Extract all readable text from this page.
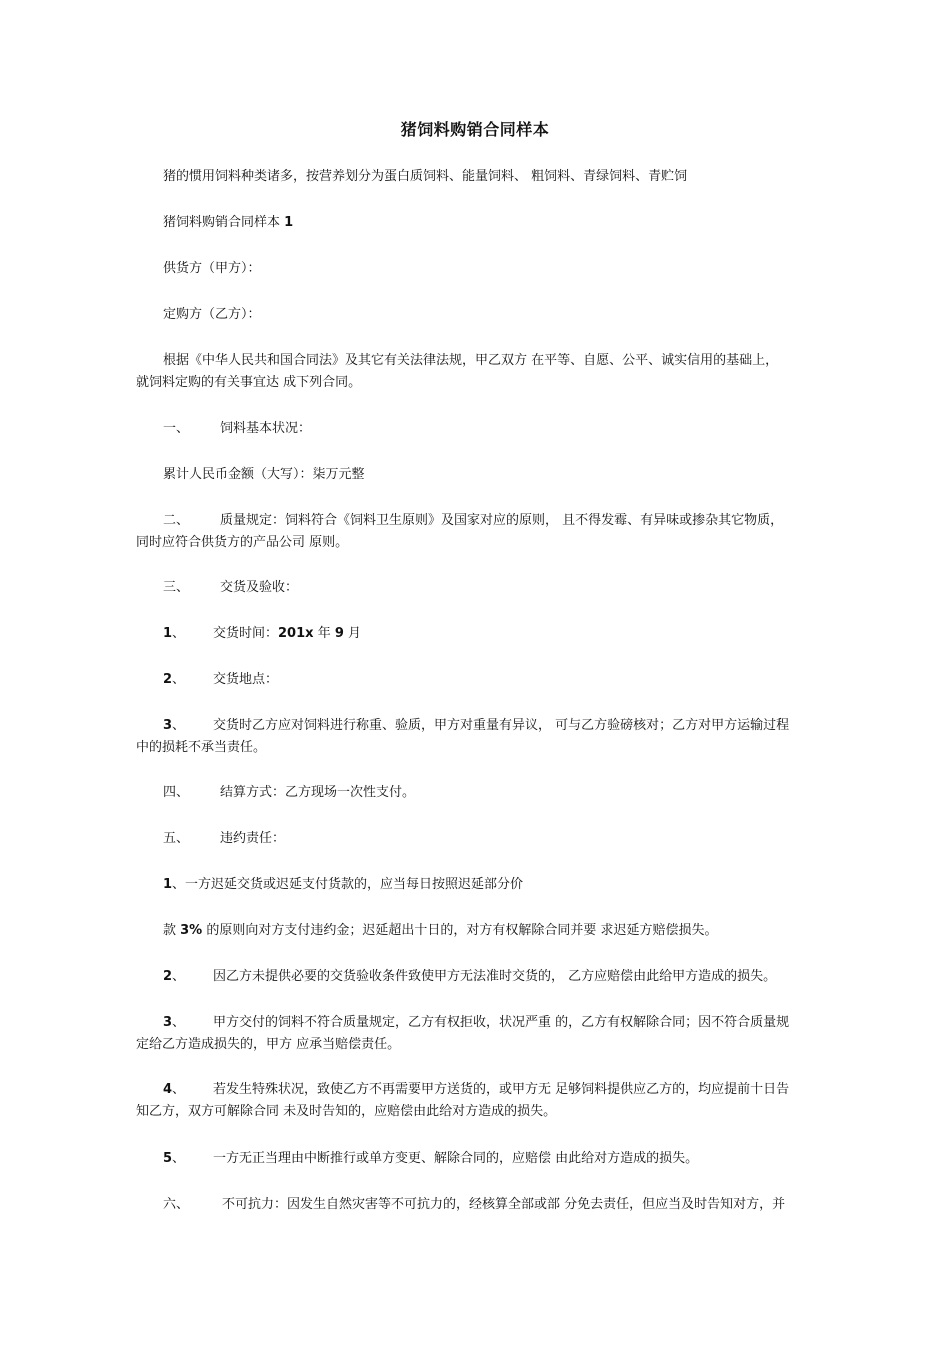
猪饲料购销合同样本
猪的惯用饲料种类诸多，按营养划分为蛋白质饲料、能量饲料、 粗饲料、青绿饲料、青贮饲
猪饲料购销合同样本 1
供货方（甲方）：
定购方（乙方）：
根据《中华人民共和国合同法》及其它有关法律法规，甲乙双方 在平等、自愿、公平、诚实信用的基础上，
就饲料定购的有关事宜达 成下列合同。
一、 饲料基本状况：
累计人民币金额（大写）：柒万元整
二、 质量规定：饲料符合《饲料卫生原则》及国家对应的原则， 且不得发霉、有异味或掺杂其它物质，
同时应符合供货方的产品公司 原则。
三、 交货及验收：
1、 交货时间：201x 年 9 月
2、 交货地点：
3、 交货时乙方应对饲料进行称重、验质，甲方对重量有异议， 可与乙方验磅核对；乙方对甲方运输过程
中的损耗不承当责任。
四、 结算方式：乙方现场一次性支付。
五、 违约责任：
1、一方迟延交货或迟延支付货款的，应当每日按照迟延部分价
款 3% 的原则向对方支付违约金；迟延超出十日的，对方有权解除合同并要 求迟延方赔偿损失。
2、 因乙方未提供必要的交货验收条件致使甲方无法准时交货的， 乙方应赔偿由此给甲方造成的损失。
3、 甲方交付的饲料不符合质量规定，乙方有权拒收，状况严重 的，乙方有权解除合同；因不符合质量规
定给乙方造成损失的，甲方 应承当赔偿责任。
4、 若发生特殊状况，致使乙方不再需要甲方送货的，或甲方无 足够饲料提供应乙方的，均应提前十日告
知乙方，双方可解除合同 未及时告知的，应赔偿由此给对方造成的损失。
5、 一方无正当理由中断推行或单方变更、解除合同的，应赔偿 由此给对方造成的损失。
六、	不可抗力：因发生自然灾害等不可抗力的，经核算全部或部 分免去责任，但应当及时告知对方，并
